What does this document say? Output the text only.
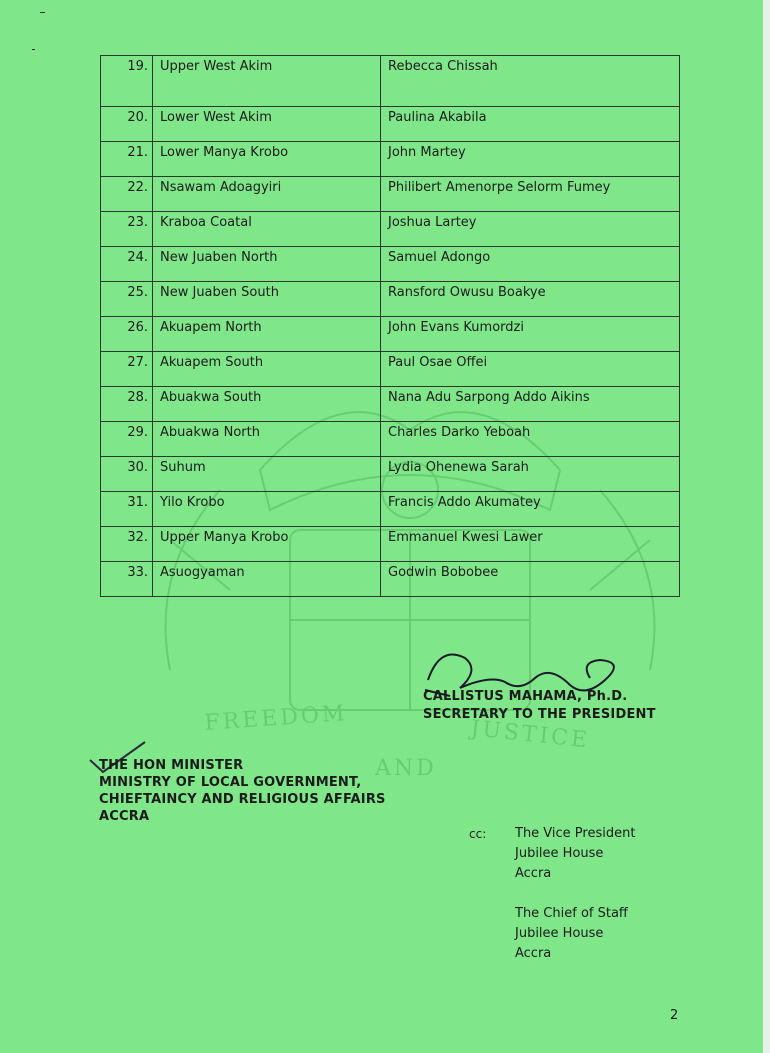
FREEDOM
AND
JUSTICE
19.	Upper West Akim	Rebecca Chissah
20.	Lower West Akim	Paulina Akabila
21.	Lower Manya Krobo	John Martey
22.	Nsawam Adoagyiri	Philibert Amenorpe Selorm Fumey
23.	Kraboa Coatal	Joshua Lartey
24.	New Juaben North	Samuel Adongo
25.	New Juaben South	Ransford Owusu Boakye
26.	Akuapem North	John Evans Kumordzi
27.	Akuapem South	Paul Osae Offei
28.	Abuakwa South	Nana Adu Sarpong Addo Aikins
29.	Abuakwa North	Charles Darko Yeboah
30.	Suhum	Lydia Ohenewa Sarah
31.	Yilo Krobo	Francis Addo Akumatey
32.	Upper Manya Krobo	Emmanuel Kwesi Lawer
33.	Asuogyaman	Godwin Bobobee
CALLISTUS MAHAMA, Ph.D.
SECRETARY TO THE PRESIDENT
THE HON MINISTER
MINISTRY OF LOCAL GOVERNMENT,
CHIEFTAINCY AND RELIGIOUS AFFAIRS
ACCRA
cc: The Vice President
Jubilee House
Accra
The Chief of Staff
Jubilee House
Accra
2
